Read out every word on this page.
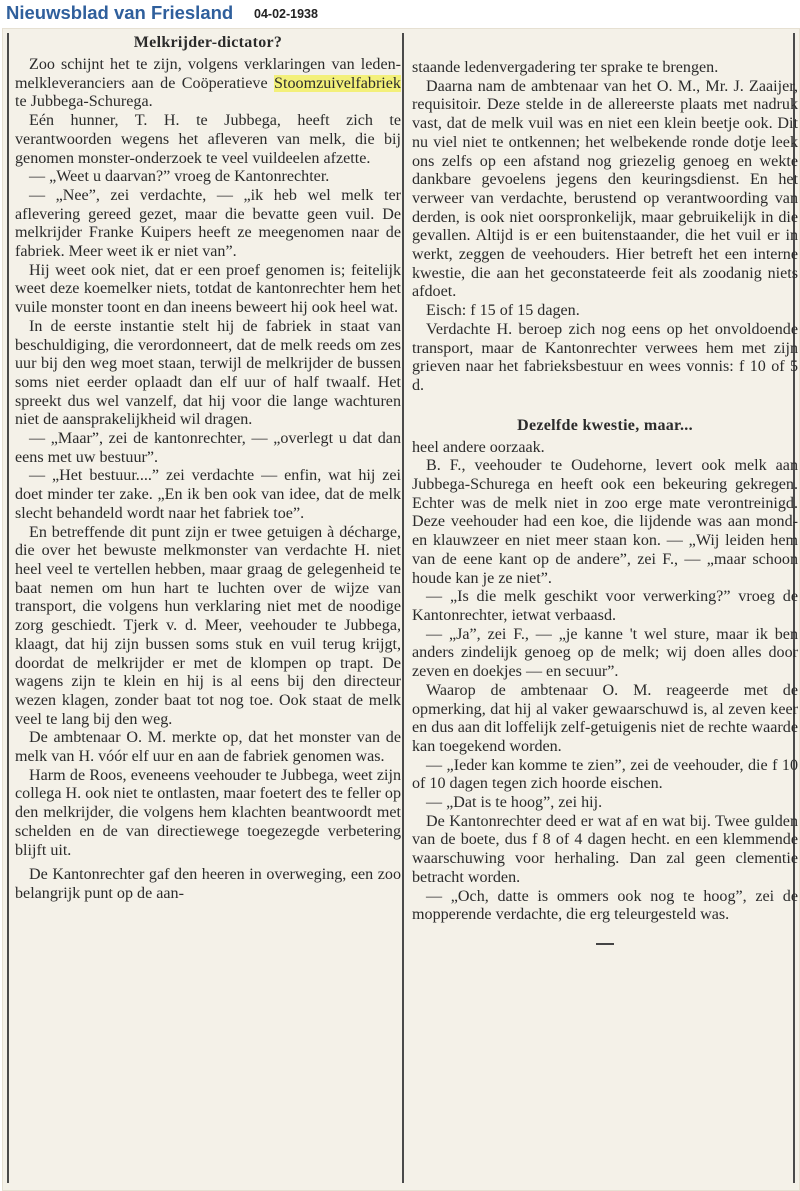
Nieuwsblad van Friesland 04-02-1938
Melkrijder-dictator?

Zoo schijnt het te zijn, volgens verklaringen van leden-melkleveranciers aan de Coöperatieve Stoomzuivelfabriek te Jubbega-Schurega.

Eén hunner, T. H. te Jubbega, heeft zich te verantwoorden wegens het afleveren van melk, die bij genomen monster-onderzoek te veel vuildeelen afzette.

— „Weet u daarvan?” vroeg de Kantonrechter.

— „Nee”, zei verdachte, — „ik heb wel melk ter aflevering gereed gezet, maar die bevatte geen vuil. De melkrijder Franke Kuipers heeft ze meegenomen naar de fabriek. Meer weet ik er niet van”.

Hij weet ook niet, dat er een proef genomen is; feitelijk weet deze koemelker niets, totdat de kantonrechter hem het vuile monster toont en dan ineens beweert hij ook heel wat.

In de eerste instantie stelt hij de fabriek in staat van beschuldiging, die verordonneert, dat de melk reeds om zes uur bij den weg moet staan, terwijl de melkrijder de bussen soms niet eerder oplaadt dan elf uur of half twaalf. Het spreekt dus wel vanzelf, dat hij voor die lange wachturen niet de aansprakelijkheid wil dragen.

— „Maar”, zei de kantonrechter, — „overlegt u dat dan eens met uw bestuur”.

— „Het bestuur....” zei verdachte — enfin, wat hij zei doet minder ter zake. „En ik ben ook van idee, dat de melk slecht behandeld wordt naar het fabriek toe”.

En betreffende dit punt zijn er twee getuigen à décharge, die over het bewuste melkmonster van verdachte H. niet heel veel te vertellen hebben, maar graag de gelegenheid te baat nemen om hun hart te luchten over de wijze van transport, die volgens hun verklaring niet met de noodige zorg geschiedt. Tjerk v. d. Meer, veehouder te Jubbega, klaagt, dat hij zijn bussen soms stuk en vuil terug krijgt, doordat de melkrijder er met de klompen op trapt. De wagens zijn te klein en hij is al eens bij den directeur wezen klagen, zonder baat tot nog toe. Ook staat de melk veel te lang bij den weg.

De ambtenaar O. M. merkte op, dat het monster van de melk van H. vóór elf uur en aan de fabriek genomen was.

Harm de Roos, eveneens veehouder te Jubbega, weet zijn collega H. ook niet te ontlasten, maar foetert des te feller op den melkrijder, die volgens hem klachten beantwoordt met schelden en de van directiewege toegezegde verbetering blijft uit.

De Kantonrechter gaf den heeren in overweging, een zoo belangrijk punt op de aan-

staande ledenvergadering ter sprake te brengen.

Daarna nam de ambtenaar van het O. M., Mr. J. Zaaijer, requisitoir. Deze stelde in de allereerste plaats met nadruk vast, dat de melk vuil was en niet een klein beetje ook. Dit nu viel niet te ontkennen; het welbekende ronde dotje leek ons zelfs op een afstand nog griezelig genoeg en wekte dankbare gevoelens jegens den keuringsdienst. En het verweer van verdachte, berustend op verantwoording van derden, is ook niet oorspronkelijk, maar gebruikelijk in die gevallen. Altijd is er een buitenstaander, die het vuil er in werkt, zeggen de veehouders. Hier betreft het een interne kwestie, die aan het geconstateerde feit als zoodanig niets afdoet.

Eisch: f 15 of 15 dagen.

Verdachte H. beroep zich nog eens op het onvoldoende transport, maar de Kantonrechter verwees hem met zijn grieven naar het fabrieksbestuur en wees vonnis: f 10 of 5 d.

Dezelfde kwestie, maar...

heel andere oorzaak.

B. F., veehouder te Oudehorne, levert ook melk aan Jubbega-Schurega en heeft ook een bekeuring gekregen. Echter was de melk niet in zoo erge mate verontreinigd. Deze veehouder had een koe, die lijdende was aan mond- en klauwzeer en niet meer staan kon. — „Wij leiden hem van de eene kant op de andere”, zei F., — „maar schoon houde kan je ze niet”.

— „Is die melk geschikt voor verwerking?” vroeg de Kantonrechter, ietwat verbaasd.

— „Ja”, zei F., — „je kanne 't wel sture, maar ik ben anders zindelijk genoeg op de melk; wij doen alles door zeven en doekjes — en secuur”.

Waarop de ambtenaar O. M. reageerde met de opmerking, dat hij al vaker gewaarschuwd is, al zeven keer en dus aan dit loffelijk zelf-getuigenis niet de rechte waarde kan toegekend worden.

— „Ieder kan komme te zien”, zei de veehouder, die f 10 of 10 dagen tegen zich hoorde eischen.

— „Dat is te hoog”, zei hij.

De Kantonrechter deed er wat af en wat bij. Twee gulden van de boete, dus f 8 of 4 dagen hecht. en een klemmende waarschuwing voor herhaling. Dan zal geen clementie betracht worden.

— „Och, datte is ommers ook nog te hoog”, zei de mopperende verdachte, die erg teleurgesteld was.
